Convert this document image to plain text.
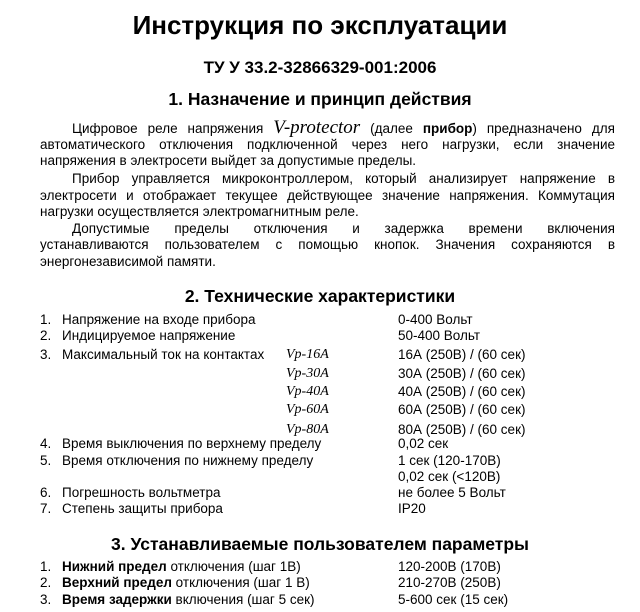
Инструкция по эксплуатации
ТУ У 33.2-32866329-001:2006
1. Назначение и принцип действия
Цифровое реле напряжения V-protector (далее прибор) предназначено для
автоматического отключения подключенной через него нагрузки, если значение
напряжения в электросети выйдет за допустимые пределы.
Прибор управляется микроконтроллером, который анализирует напряжение в
электросети и отображает текущее действующее значение напряжения. Коммутация
нагрузки осуществляется электромагнитным реле.
Допустимые пределы отключения и задержка времени включения
устанавливаются пользователем с помощью кнопок. Значения сохраняются в
энергонезависимой памяти.
2. Технические характеристики
1. Напряжение на входе прибора	0-400 Вольт
2. Индицируемое напряжение	50-400 Вольт
3. Максимальный ток на контактах Vp-16A	16А (250В) / (60 сек)
Vp-30A	30А (250В) / (60 сек)
Vp-40A	40А (250В) / (60 сек)
Vp-60A	60А (250В) / (60 сек)
Vp-80A	80А (250В) / (60 сек)
4. Время выключения по верхнему пределу	0,02 сек
5. Время отключения по нижнему пределу	1 сек (120-170В)
0,02 сек (<120В)
6. Погрешность вольтметра	не более 5 Вольт
7. Степень защиты прибора	IP20
3. Устанавливаемые пользователем параметры
1. Нижний предел отключения (шаг 1В)	120-200В (170В)
2. Верхний предел отключения (шаг 1 В)	210-270В (250В)
3. Время задержки включения (шаг 5 сек)	5-600 сек (15 сек)
